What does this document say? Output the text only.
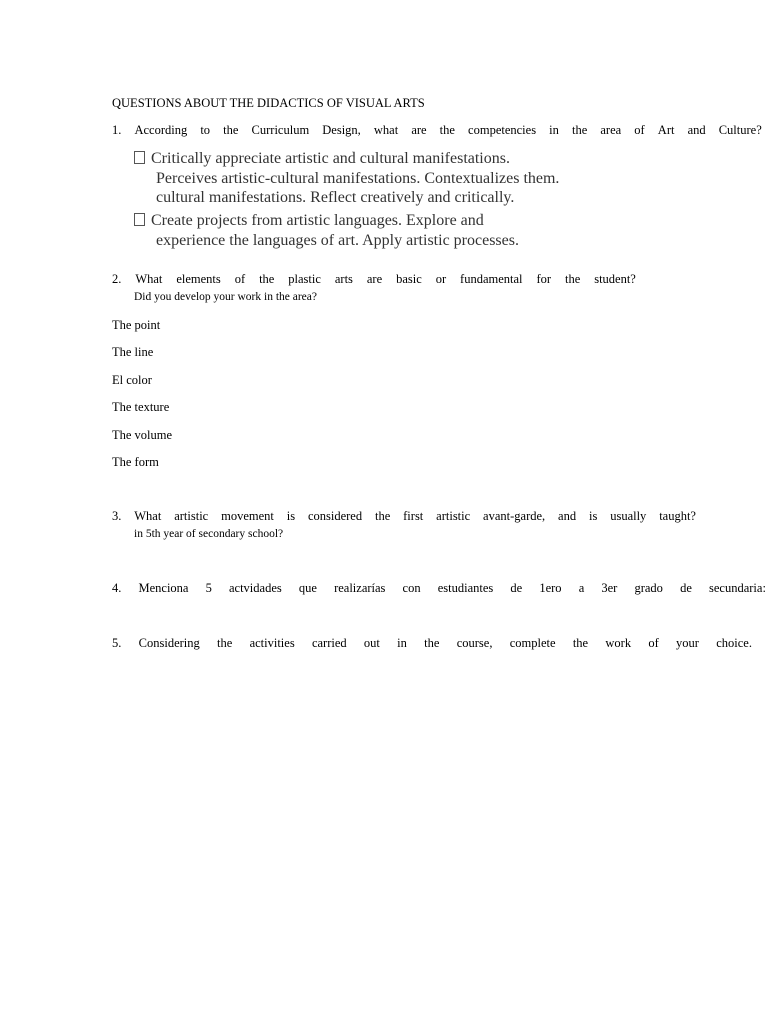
QUESTIONS ABOUT THE DIDACTICS OF VISUAL ARTS
1. According to the Curriculum Design, what are the competencies in the area of Art and Culture?
Critically appreciate artistic and cultural manifestations.
Perceives artistic-cultural manifestations. Contextualizes them.
cultural manifestations. Reflect creatively and critically.
Create projects from artistic languages. Explore and
experience the languages of art. Apply artistic processes.
2. What elements of the plastic arts are basic or fundamental for the student?
Did you develop your work in the area?
The point
The line
El color
The texture
The volume
The form
3. What artistic movement is considered the first artistic avant-garde, and is usually taught?
in 5th year of secondary school?
4. Menciona 5 actvidades que realizarías con estudiantes de 1ero a 3er grado de secundaria:
5. Considering the activities carried out in the course, complete the work of your choice.
